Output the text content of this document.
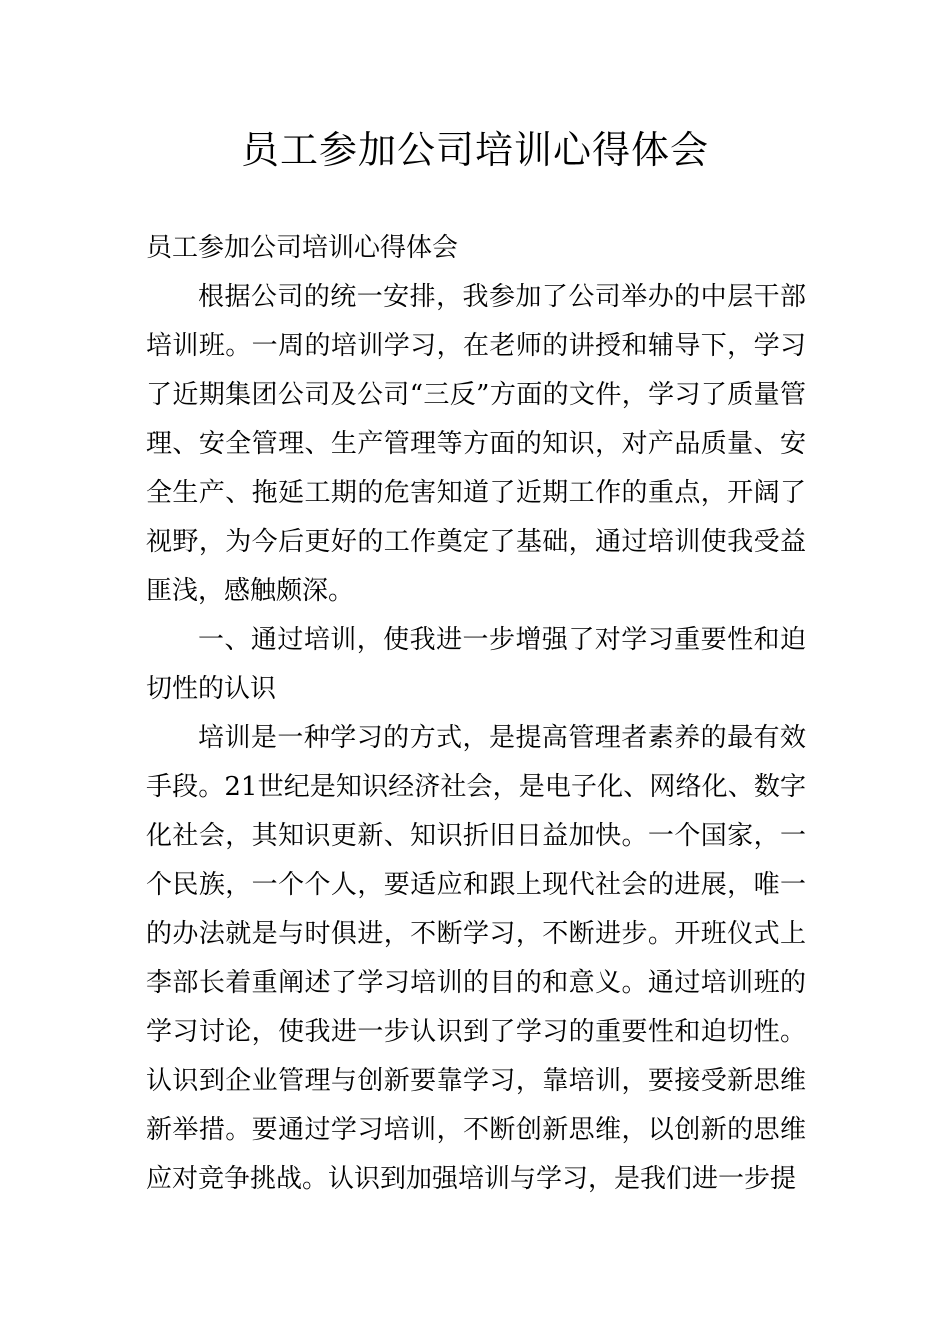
员工参加公司培训心得体会

员工参加公司培训心得体会

根据公司的统一安排，我参加了公司举办的中层干部培训班。一周的培训学习，在老师的讲授和辅导下，学习了近期集团公司及公司“三反”方面的文件，学习了质量管理、安全管理、生产管理等方面的知识，对产品质量、安全生产、拖延工期的危害知道了近期工作的重点，开阔了视野，为今后更好的工作奠定了基础，通过培训使我受益匪浅，感触颇深。

一、通过培训，使我进一步增强了对学习重要性和迫切性的认识

培训是一种学习的方式，是提高管理者素养的最有效手段。21世纪是知识经济社会，是电子化、网络化、数字化社会，其知识更新、知识折旧日益加快。一个国家，一个民族，一个个人，要适应和跟上现代社会的进展，唯一的办法就是与时俱进，不断学习，不断进步。开班仪式上李部长着重阐述了学习培训的目的和意义。通过培训班的学习讨论，使我进一步认识到了学习的重要性和迫切性。认识到企业管理与创新要靠学习，靠培训，要接受新思维新举措。要通过学习培训，不断创新思维，以创新的思维应对竞争挑战。认识到加强培训与学习，是我们进一步提
